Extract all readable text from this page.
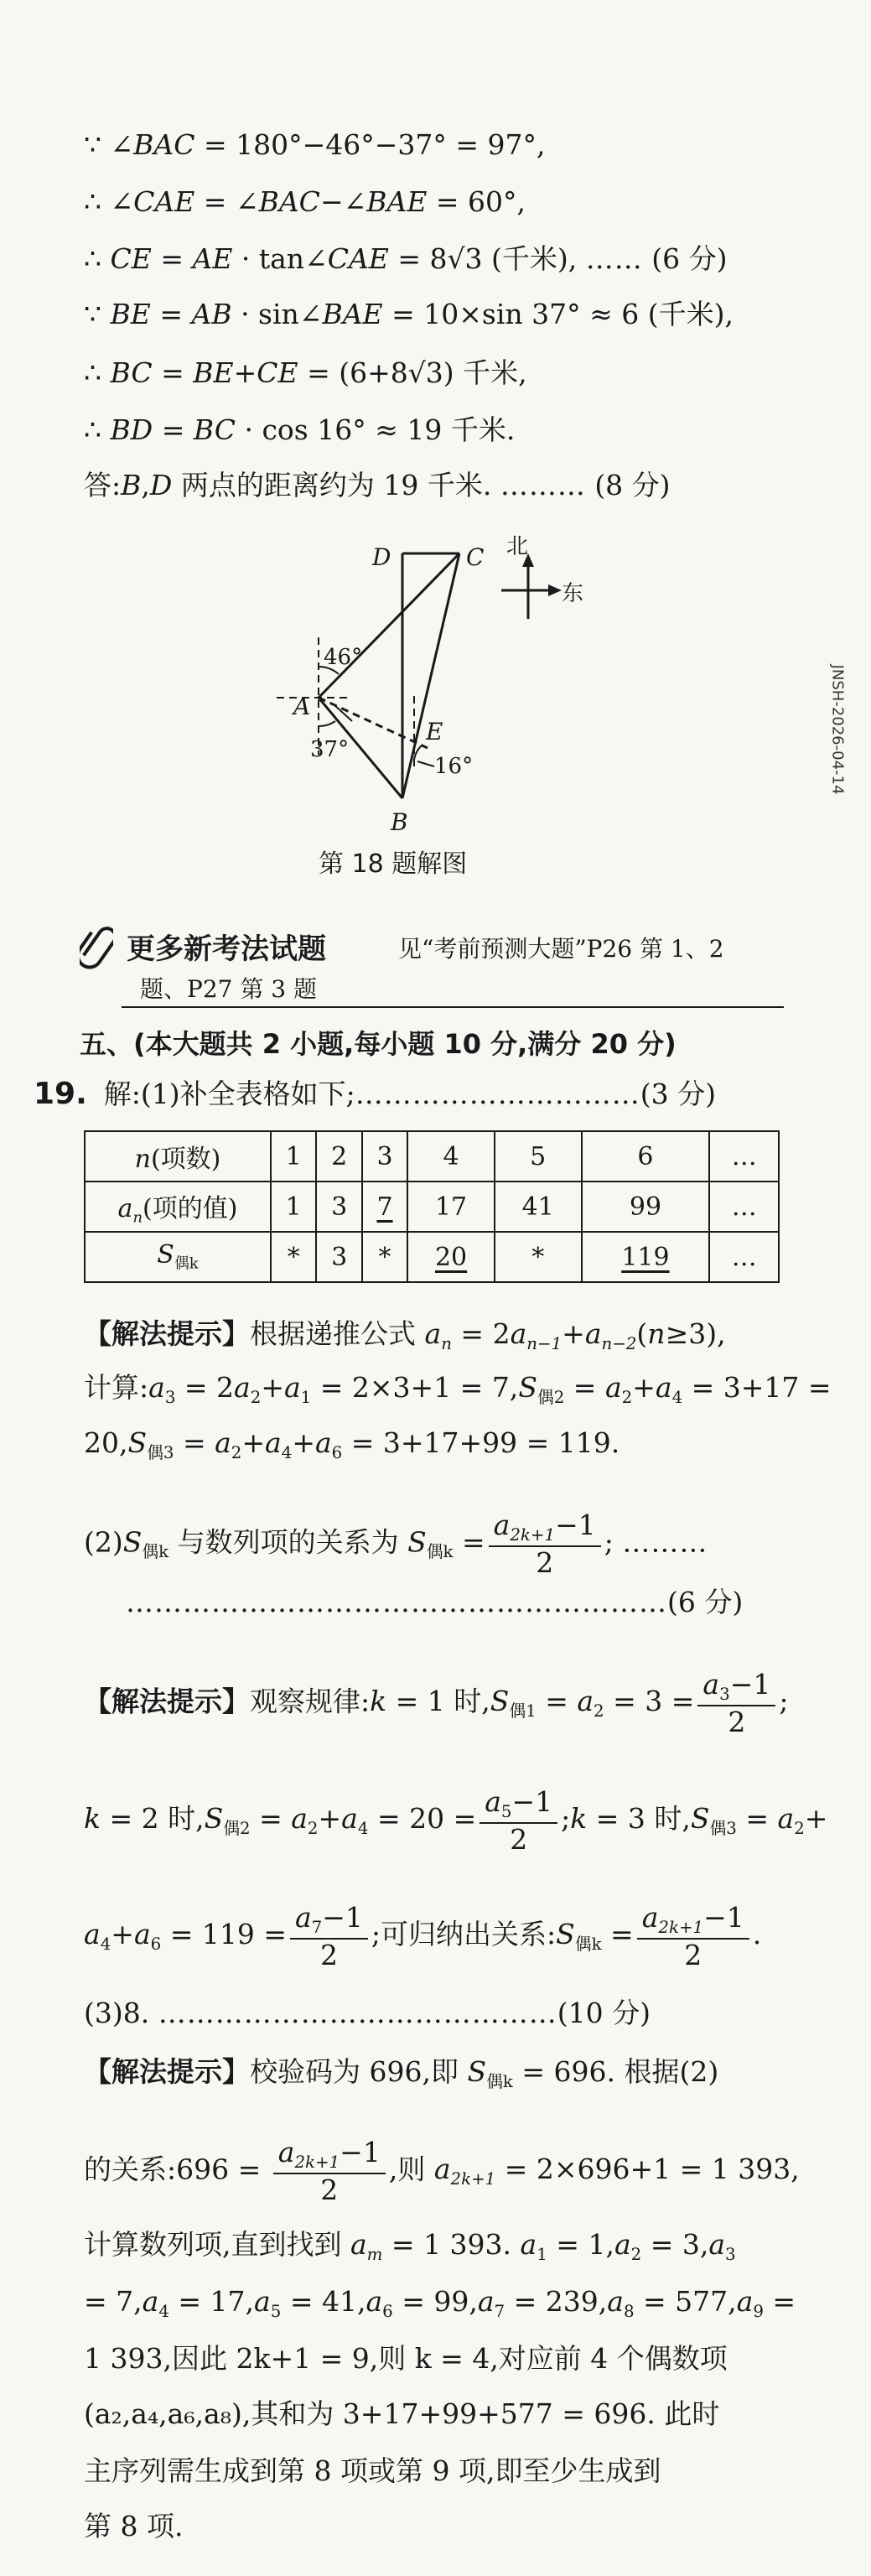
∵ ∠BAC = 180°−46°−37° = 97°,
∴ ∠CAE = ∠BAC−∠BAE = 60°,
∴ CE = AE · tan∠CAE = 8√3 (千米), …… (6 分)
∵ BE = AB · sin∠BAE = 10×sin 37° ≈ 6 (千米),
∴ BC = BE+CE = (6+8√3) 千米,
∴ BD = BC · cos 16° ≈ 19 千米.
答:B,D 两点的距离约为 19 千米. ……… (8 分)
D	C
A
E
B
46°
37°
16°
北
东
第 18 题解图
JNSH-2026-04-14
更多新考法试题	见“考前预测大题”P26 第 1、2
题、P27 第 3 题
五、(本大题共 2 小题,每小题 10 分,满分 20 分)
19. 解:(1)补全表格如下;…………………………(3 分)
n(项数)	1	2	3	4	5	6	…
$a_n$(项的值)	1	3	7	17	41	99	…
$S_{偶k}$	*	3	*	20	*	119	…
【解法提示】根据递推公式 $a_n = 2a_{n-1}+a_{n-2}(n\ge 3)$,
计算$:a_3 = 2a_2+a_1 = 2\times 3+1 = 7,S_{偶2} = a_2+a_4 = 3+17$ =
$20,S_{偶3} = a_2+a_4+a_6 = 3+17+99 = 119$.
$(2)S_{偶k}$ 与数列项的关系为 $S_{偶k} = \frac{a_{2k+1}-1}{2}$ ; ………
…………………………………………………(6 分)
【解法提示】观察规律:k = 1 时$,S_{偶1} = a_2 = 3 = \frac{a_3-1}{2}$ ;
k = 2 时$,S_{偶2} = a_2+a_4 = 20 = \frac{a_5-1}{2}$ ;k = 3 时$,S_{偶3} = a_2+$
$a_4+a_6 = 119 = \frac{a_7-1}{2}$ ;可归纳出关系$:S_{偶k} = \frac{a_{2k+1}-1}{2}$ .
(3)8. ……………………………………(10 分)
【解法提示】校验码为 696,即 $S_{偶k} = 696$. 根据(2)
的关系:696 = $\frac{a_{2k+1}-1}{2}$ ,则 $a_{2k+1} = 2\times 696+1 = 1$ 393,
计算数列项,直到找到 $a_m = 1$ 393. $a_1 = 1,a_2 = 3,a_3$
= $7,a_4 = 17,a_5 = 41,a_6 = 99,a_7 = 239,a_8 = 577,a_9$ =
1 393,因此 2k+1 = 9,则 k = 4,对应前 4 个偶数项
(a₂,a₄,a₆,a₈),其和为 3+17+99+577 = 696. 此时
主序列需生成到第 8 项或第 9 项,即至少生成到
第 8 项.
